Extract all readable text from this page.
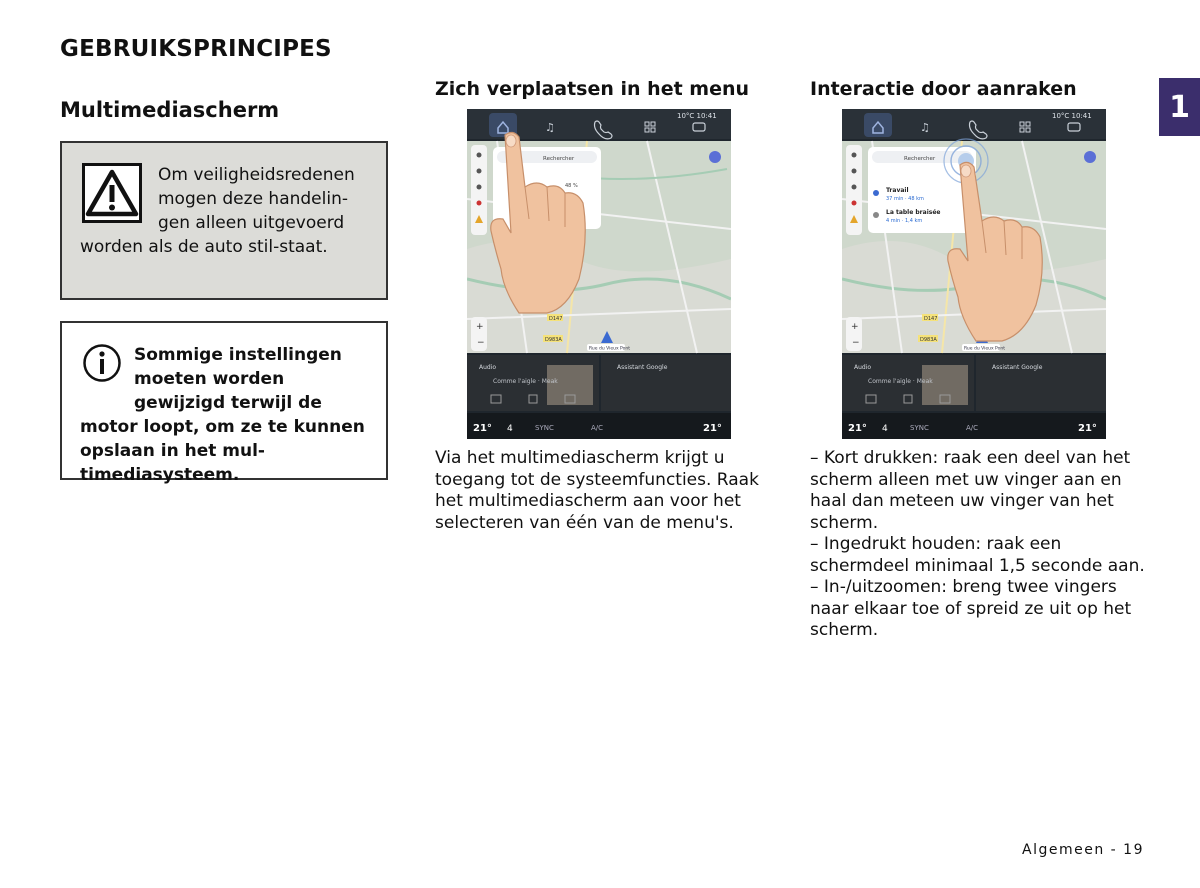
GEBRUIKSPRINCIPES
Multimediascherm
Zich verplaatsen in het menu	Interactie door aanraken
1
Om veiligheidsredenen mogen deze handelin-gen alleen uitgevoerd worden als de auto stil-staat.
Sommige instellingen moeten worden gewijzigd terwijl de motor loopt, om ze te kunnen opslaan in het mul-timediasysteem.
♫
10°C 10:41
D147
D983A
Rue du Vieux Pont
+
−
Rechercher
48 %
Audio
Comme l'aigle · Meak
Assistant Google
21° 4	SYNC	A/C	21°
♫
10°C 10:41
D147
D983A
Rue du Vieux Pont
+
−
Rechercher
Travail
37 min · 48 km
La table braisée
4 min · 1,4 km
Audio
Comme l'aigle · Meak
Assistant Google
21° 4	SYNC	A/C	21°
Via het multimediascherm krijgt u toegang tot de systeemfuncties. Raak het multimediascherm aan voor het selecteren van één van de menu's.
– Kort drukken: raak een deel van het scherm alleen met uw vinger aan en haal dan meteen uw vinger van het scherm.
– Ingedrukt houden: raak een schermdeel minimaal 1,5 seconde aan.
– In-/uitzoomen: breng twee vingers naar elkaar toe of spreid ze uit op het scherm.
Algemeen - 19
